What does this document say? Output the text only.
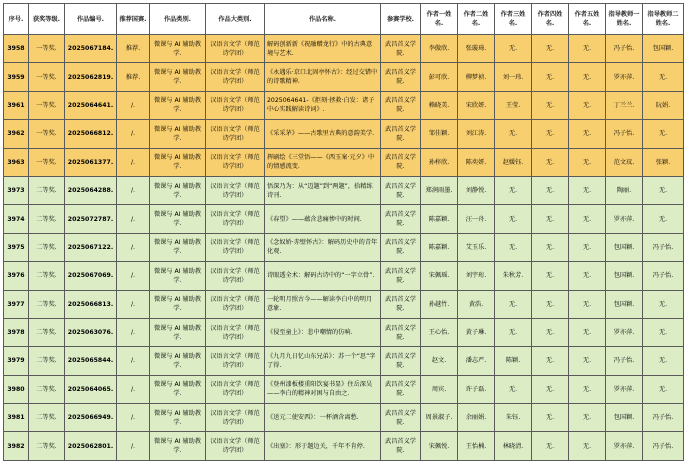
序号.	获奖等级.	作品编号.	推荐国赛.	作品类别.	作品大类别.	作品名称.	参赛学校.	作者一姓名.	作者二姓名.	作者三姓名.	作者四姓名.	作者五姓名.	指导教师一姓名.	指导教师二姓名.
3958	一等奖.	2025067184.	推荐.	微课与 AI 辅助教学.	汉语言文学（师范诗学团）	解码创新新《祝融赠龙行》中的古典意境与艺术.	武昌首义学院.	李傲欣.	张璇琦.	无.	无.	无.	冯子怡.	包国颖.
3959	一等奖.	2025062819.	推荐.	微课与 AI 辅助教学.	汉语言文学（师范诗学团）	《永遇乐·京口北固亭怀古》：经过交错中的诗歌精神.	武昌首义学院.	彭可欣.	柳梦祯.	刘一玮.	无.	无.	罗亦萍.	无.
3961	一等奖.	2025064641.	/.	微课与 AI 辅助教学.	汉语言文学（师范诗学团）	2025064641-《拒刻·拯救·白发：诸子中心实践解读诗词》.	武昌首义学院.	赖晓美.	宋欣妍.	王莹.	无.	无.	丁兰兰.	阮娟.
3962	一等奖.	2025066812.	/.	微课与 AI 辅助教学.	汉语言文学（师范诗学团）	《采采茅》——古歌里古典的意韵美学.	武昌首义学院.	邹佳颖.	刘江涛.	无.	无.	无.	冯子怡.	无.
3963	一等奖.	2025061377.	/.	微课与 AI 辅助教学.	汉语言文学（师范诗学团）	挥刷绘《三堂悟——《西玉案·元夕》中的情感流变.	武昌首义学院.	孙梓欣.	陈奕妍.	赵媛钰.	无.	无.	范文玟.	张颖.
3973	二等奖.	2025064288.	/.	微课与 AI 辅助教学.	汉语言文学（师范诗学团）	悟深乃为：从“迈题”到“两题”，拾精练诗刊.	武昌首义学院.	郑润雨墨.	刘静悦.	无.	无.	无.	陶丽.	无.
3974	二等奖.	2025072787.	/.	微课与 AI 辅助教学.	汉语言文学（师范诗学团）	《春望》——蕴含悲痛惨中的时间.	武昌首义学院.	陈嘉颖.	汪一舟.	无.	无.	无.	罗亦萍.	无.
3975	二等奖.	2025067122.	/.	微课与 AI 辅助教学.	汉语言文学（师范诗学团）	《念奴娇·赤壁怀古》：解码历史中的青年化观.	武昌首义学院.	陈嘉颖.	艾玉乐.	无.	无.	无.	包国颖.	冯子怡.
3976	二等奖.	2025067069.	/.	微课与 AI 辅助教学.	汉语言文学（师范诗学团）	诗眼透全术：解码古诗中的“一字立骨”.	武昌首义学院.	宋佩瑶.	刘宇珩.	朱秋芳.	无.	无.	包国颖.	冯子怡.
3977	二等奖.	2025066813.	/.	微课与 AI 辅助教学.	汉语言文学（师范诗学团）	一轮明月照古今——解读李白中的明月意象.	武昌首义学院.	孙越竹.	黄浩.	无.	无.	无.	包国颖.	无.
3978	二等奖.	2025063076.	/.	微课与 AI 辅助教学.	汉语言文学（师范诗学团）	《侵至童上》：悲中嘲情的仿响.	武昌首义学院.	王心怡.	黄子琳.	无.	无.	无.	罗亦萍.	无.
3979	二等奖.	2025065844.	/.	微课与 AI 辅助教学.	汉语言文学（师范诗学团）	《九月九日忆山东兄弟》：苏一个“思”字了得.	武昌首义学院.	赵文.	潘志严.	陈颖.	无.	无.	冯子怡.	无.
3980	二等奖.	2025064065.	/.	微课与 AI 辅助教学.	汉语言文学（师范诗学团）	《登州漆板楼重阳饮宴书显》住岳深吴——李白的精神对困与自由之.	武昌首义学院.	周宾.	许子磊.	无.	无.	无.	罗亦萍.	无.
3981	二等奖.	2025066949.	/.	微课与 AI 辅助教学.	汉语言文学（师范诗学团）	《送元二使安西》：一杯酒含离愁.	武昌首义学院.	周景淑子.	余丽娟.	朱钰.	无.	无.	包国颖.	冯子怡.
3982	二等奖.	2025062801.	/.	微课与 AI 辅助教学.	汉语言文学（师范诗学团）	《出塞》：形于题边关，千年不肯停.	武昌首义学院.	宋佩悦.	王怡楠.	林晓清.	无.	无.	罗亦萍.	冯子怡.
